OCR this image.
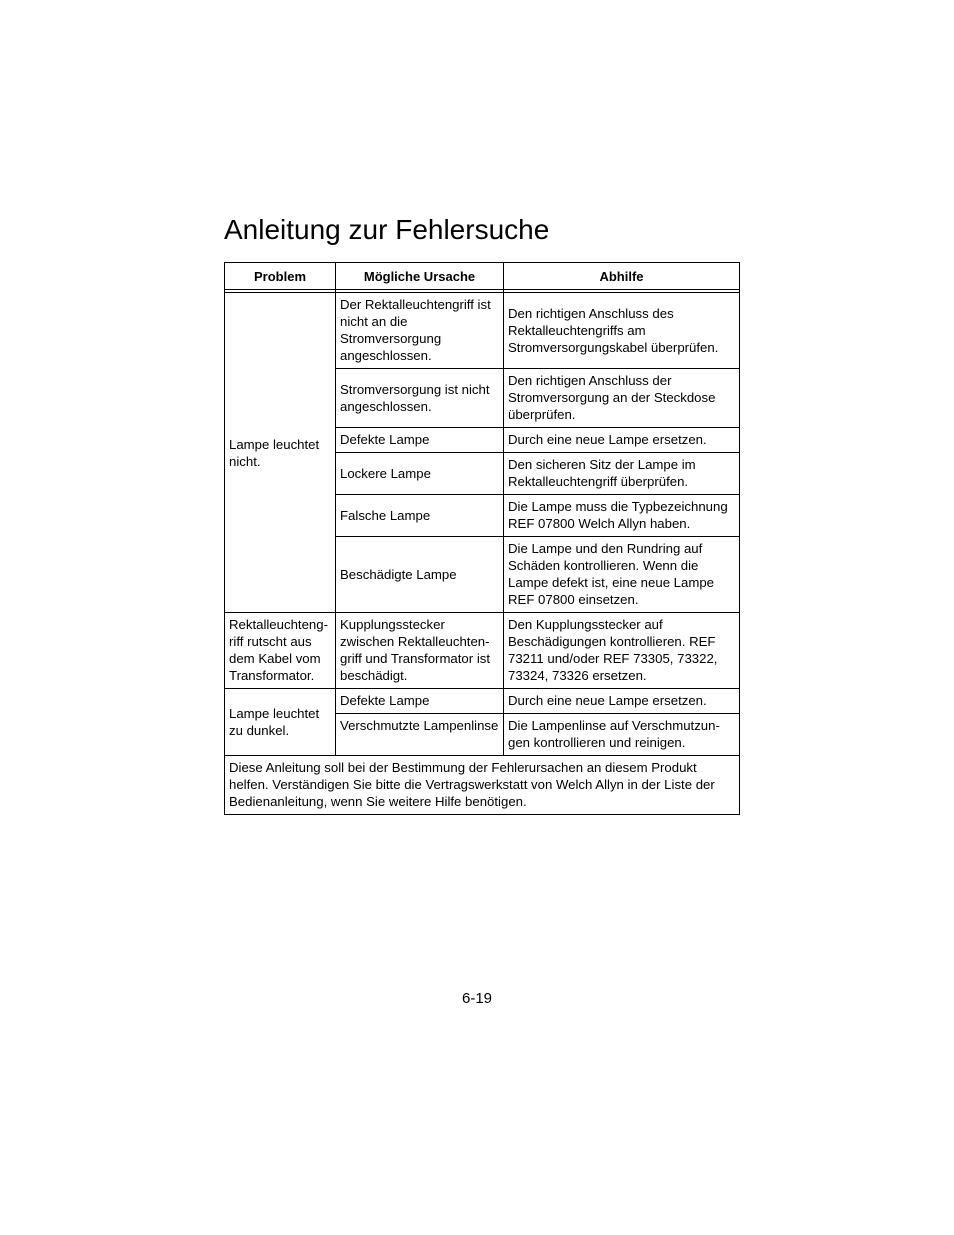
Anleitung zur Fehlersuche
Problem	Mögliche Ursache	Abhilfe

Lampe leuchtet nicht.	Der Rektalleuchtengriff ist nicht an die Stromversorgung angeschlossen.	Den richtigen Anschluss des Rektalleuchtengriffs am Stromversorgungskabel überprüfen.

	Stromversorgung ist nicht angeschlossen.	Den richtigen Anschluss der Stromversorgung an der Steckdose überprüfen.

	Defekte Lampe	Durch eine neue Lampe ersetzen.

	Lockere Lampe	Den sicheren Sitz der Lampe im Rektalleuchtengriff überprüfen.

	Falsche Lampe	Die Lampe muss die Typbezeichnung REF 07800 Welch Allyn haben.

	Beschädigte Lampe	Die Lampe und den Rundring auf Schäden kontrollieren. Wenn die Lampe defekt ist, eine neue Lampe REF 07800 einsetzen.

Rektalleuchtengriff rutscht aus dem Kabel vom Transformator.	Kupplungsstecker zwischen Rektalleuchtengriff und Transformator ist beschädigt.	Den Kupplungsstecker auf Beschädigungen kontrollieren. REF 73211 und/oder REF 73305, 73322, 73324, 73326 ersetzen.

Lampe leuchtet zu dunkel.	Defekte Lampe	Durch eine neue Lampe ersetzen.

	Verschmutzte Lampenlinse	Die Lampenlinse auf Verschmutzungen kontrollieren und reinigen.

Diese Anleitung soll bei der Bestimmung der Fehlerursachen an diesem Produkt helfen. Verständigen Sie bitte die Vertragswerkstatt von Welch Allyn in der Liste der Bedienanleitung, wenn Sie weitere Hilfe benötigen.		
6-19
